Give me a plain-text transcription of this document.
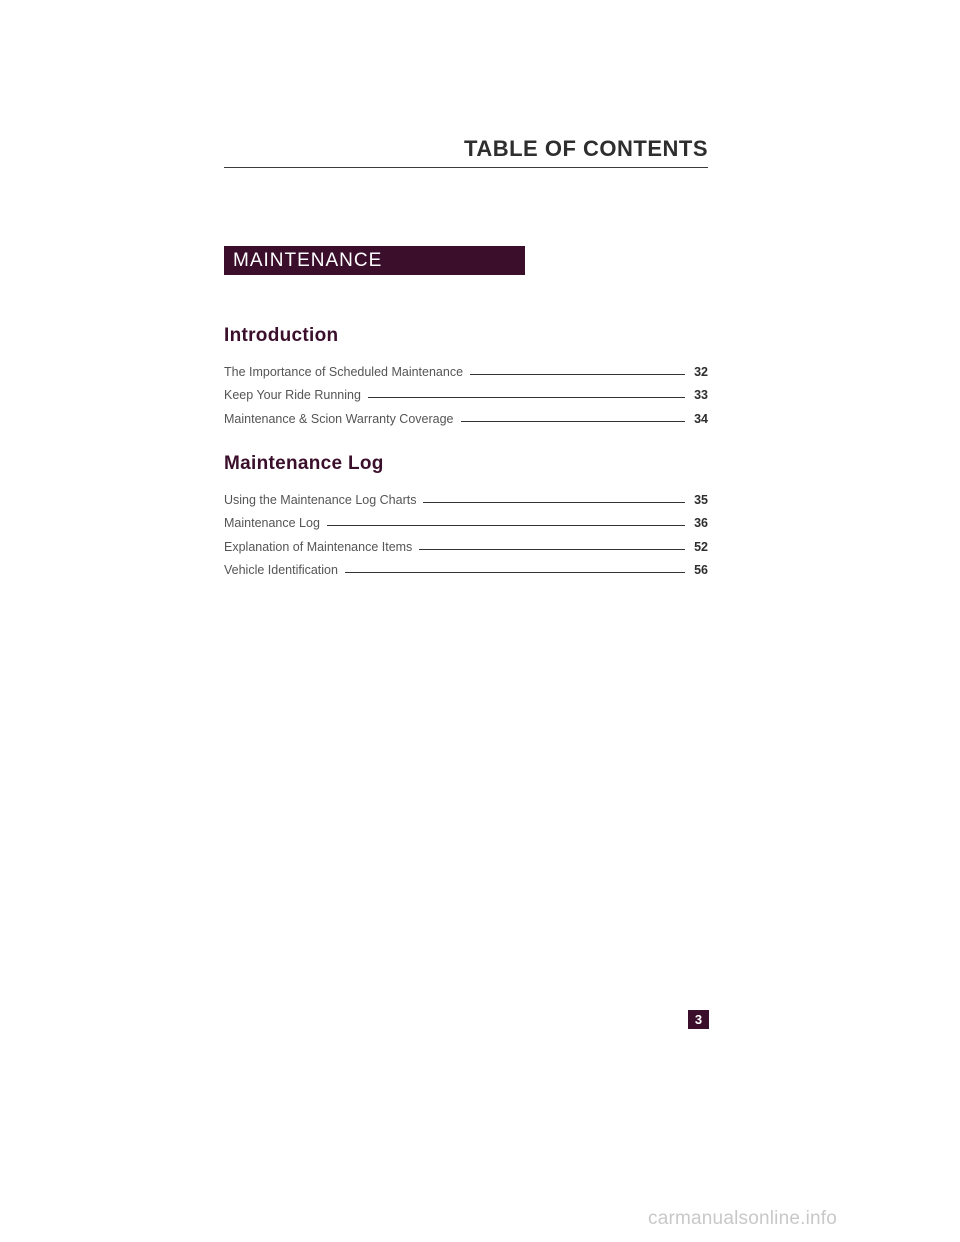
TABLE OF CONTENTS
MAINTENANCE INFORMATION
Introduction
The Importance of Scheduled Maintenance	32
Keep Your Ride Running	33
Maintenance & Scion Warranty Coverage	34
Maintenance Log
Using the Maintenance Log Charts	35
Maintenance Log	36
Explanation of Maintenance Items	52
Vehicle Identification	56
3
carmanualsonline.info
